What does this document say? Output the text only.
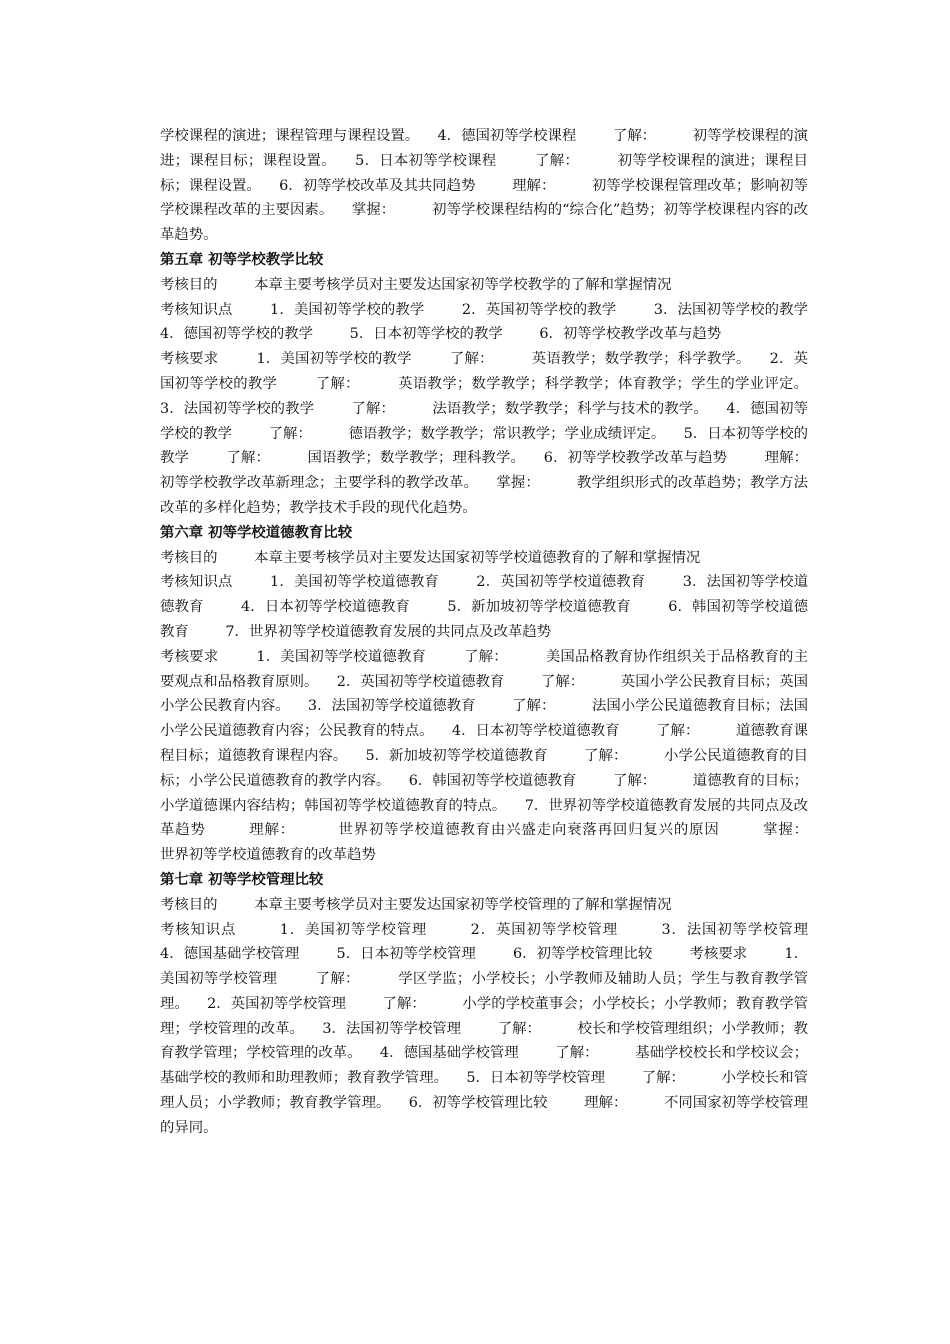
学校课程的演进；课程管理与课程设置。    4．德国初等学校课程        了解：        初等学校课程的演进；课程目标；课程设置。    5．日本初等学校课程        了解：        初等学校课程的演进；课程目标；课程设置。    6．初等学校改革及其共同趋势        理解：        初等学校课程管理改革；影响初等学校课程改革的主要因素。    掌握：        初等学校课程结构的“综合化”趋势；初等学校课程内容的改革趋势。

第五章 初等学校教学比较

考核目的        本章主要考核学员对主要发达国家初等学校教学的了解和掌握情况

考核知识点        1．美国初等学校的教学        2．英国初等学校的教学        3．法国初等学校的教学        4．德国初等学校的教学        5．日本初等学校的教学        6．初等学校教学改革与趋势

考核要求        1．美国初等学校的教学        了解：        英语教学；数学教学；科学教学。    2．英国初等学校的教学        了解：        英语教学；数学教学；科学教学；体育教学；学生的学业评定。    3．法国初等学校的教学        了解：        法语教学；数学教学；科学与技术的教学。    4．德国初等学校的教学        了解：        德语教学；数学教学；常识教学；学业成绩评定。    5．日本初等学校的教学        了解：        国语教学；数学教学；理科教学。    6．初等学校教学改革与趋势        理解：        初等学校教学改革新理念；主要学科的教学改革。    掌握：        教学组织形式的改革趋势；教学方法改革的多样化趋势；教学技术手段的现代化趋势。

第六章 初等学校道德教育比较

考核目的        本章主要考核学员对主要发达国家初等学校道德教育的了解和掌握情况

考核知识点        1．美国初等学校道德教育        2．英国初等学校道德教育        3．法国初等学校道德教育        4．日本初等学校道德教育        5．新加坡初等学校道德教育        6．韩国初等学校道德教育        7．世界初等学校道德教育发展的共同点及改革趋势

考核要求        1．美国初等学校道德教育        了解：        美国品格教育协作组织关于品格教育的主要观点和品格教育原则。    2．英国初等学校道德教育        了解：        英国小学公民教育目标；英国小学公民教育内容。    3．法国初等学校道德教育        了解：        法国小学公民道德教育目标；法国小学公民道德教育内容；公民教育的特点。    4．日本初等学校道德教育        了解：        道德教育课程目标；道德教育课程内容。    5．新加坡初等学校道德教育        了解：        小学公民道德教育的目标；小学公民道德教育的教学内容。    6．韩国初等学校道德教育        了解：        道德教育的目标；小学道德课内容结构；韩国初等学校道德教育的特点。    7．世界初等学校道德教育发展的共同点及改革趋势        理解：        世界初等学校道德教育由兴盛走向衰落再回归复兴的原因        掌握：        世界初等学校道德教育的改革趋势

第七章 初等学校管理比较

考核目的        本章主要考核学员对主要发达国家初等学校管理的了解和掌握情况

考核知识点        1．美国初等学校管理        2．英国初等学校管理        3．法国初等学校管理        4．德国基础学校管理        5．日本初等学校管理        6．初等学校管理比较        考核要求        1．美国初等学校管理        了解：        学区学监；小学校长；小学教师及辅助人员；学生与教育教学管理。    2．英国初等学校管理        了解：        小学的学校董事会；小学校长；小学教师；教育教学管理；学校管理的改革。    3．法国初等学校管理        了解：        校长和学校管理组织；小学教师；教育教学管理；学校管理的改革。    4．德国基础学校管理        了解：        基础学校校长和学校议会；基础学校的教师和助理教师；教育教学管理。    5．日本初等学校管理        了解：        小学校长和管理人员；小学教师；教育教学管理。    6．初等学校管理比较        理解：        不同国家初等学校管理的异同。
